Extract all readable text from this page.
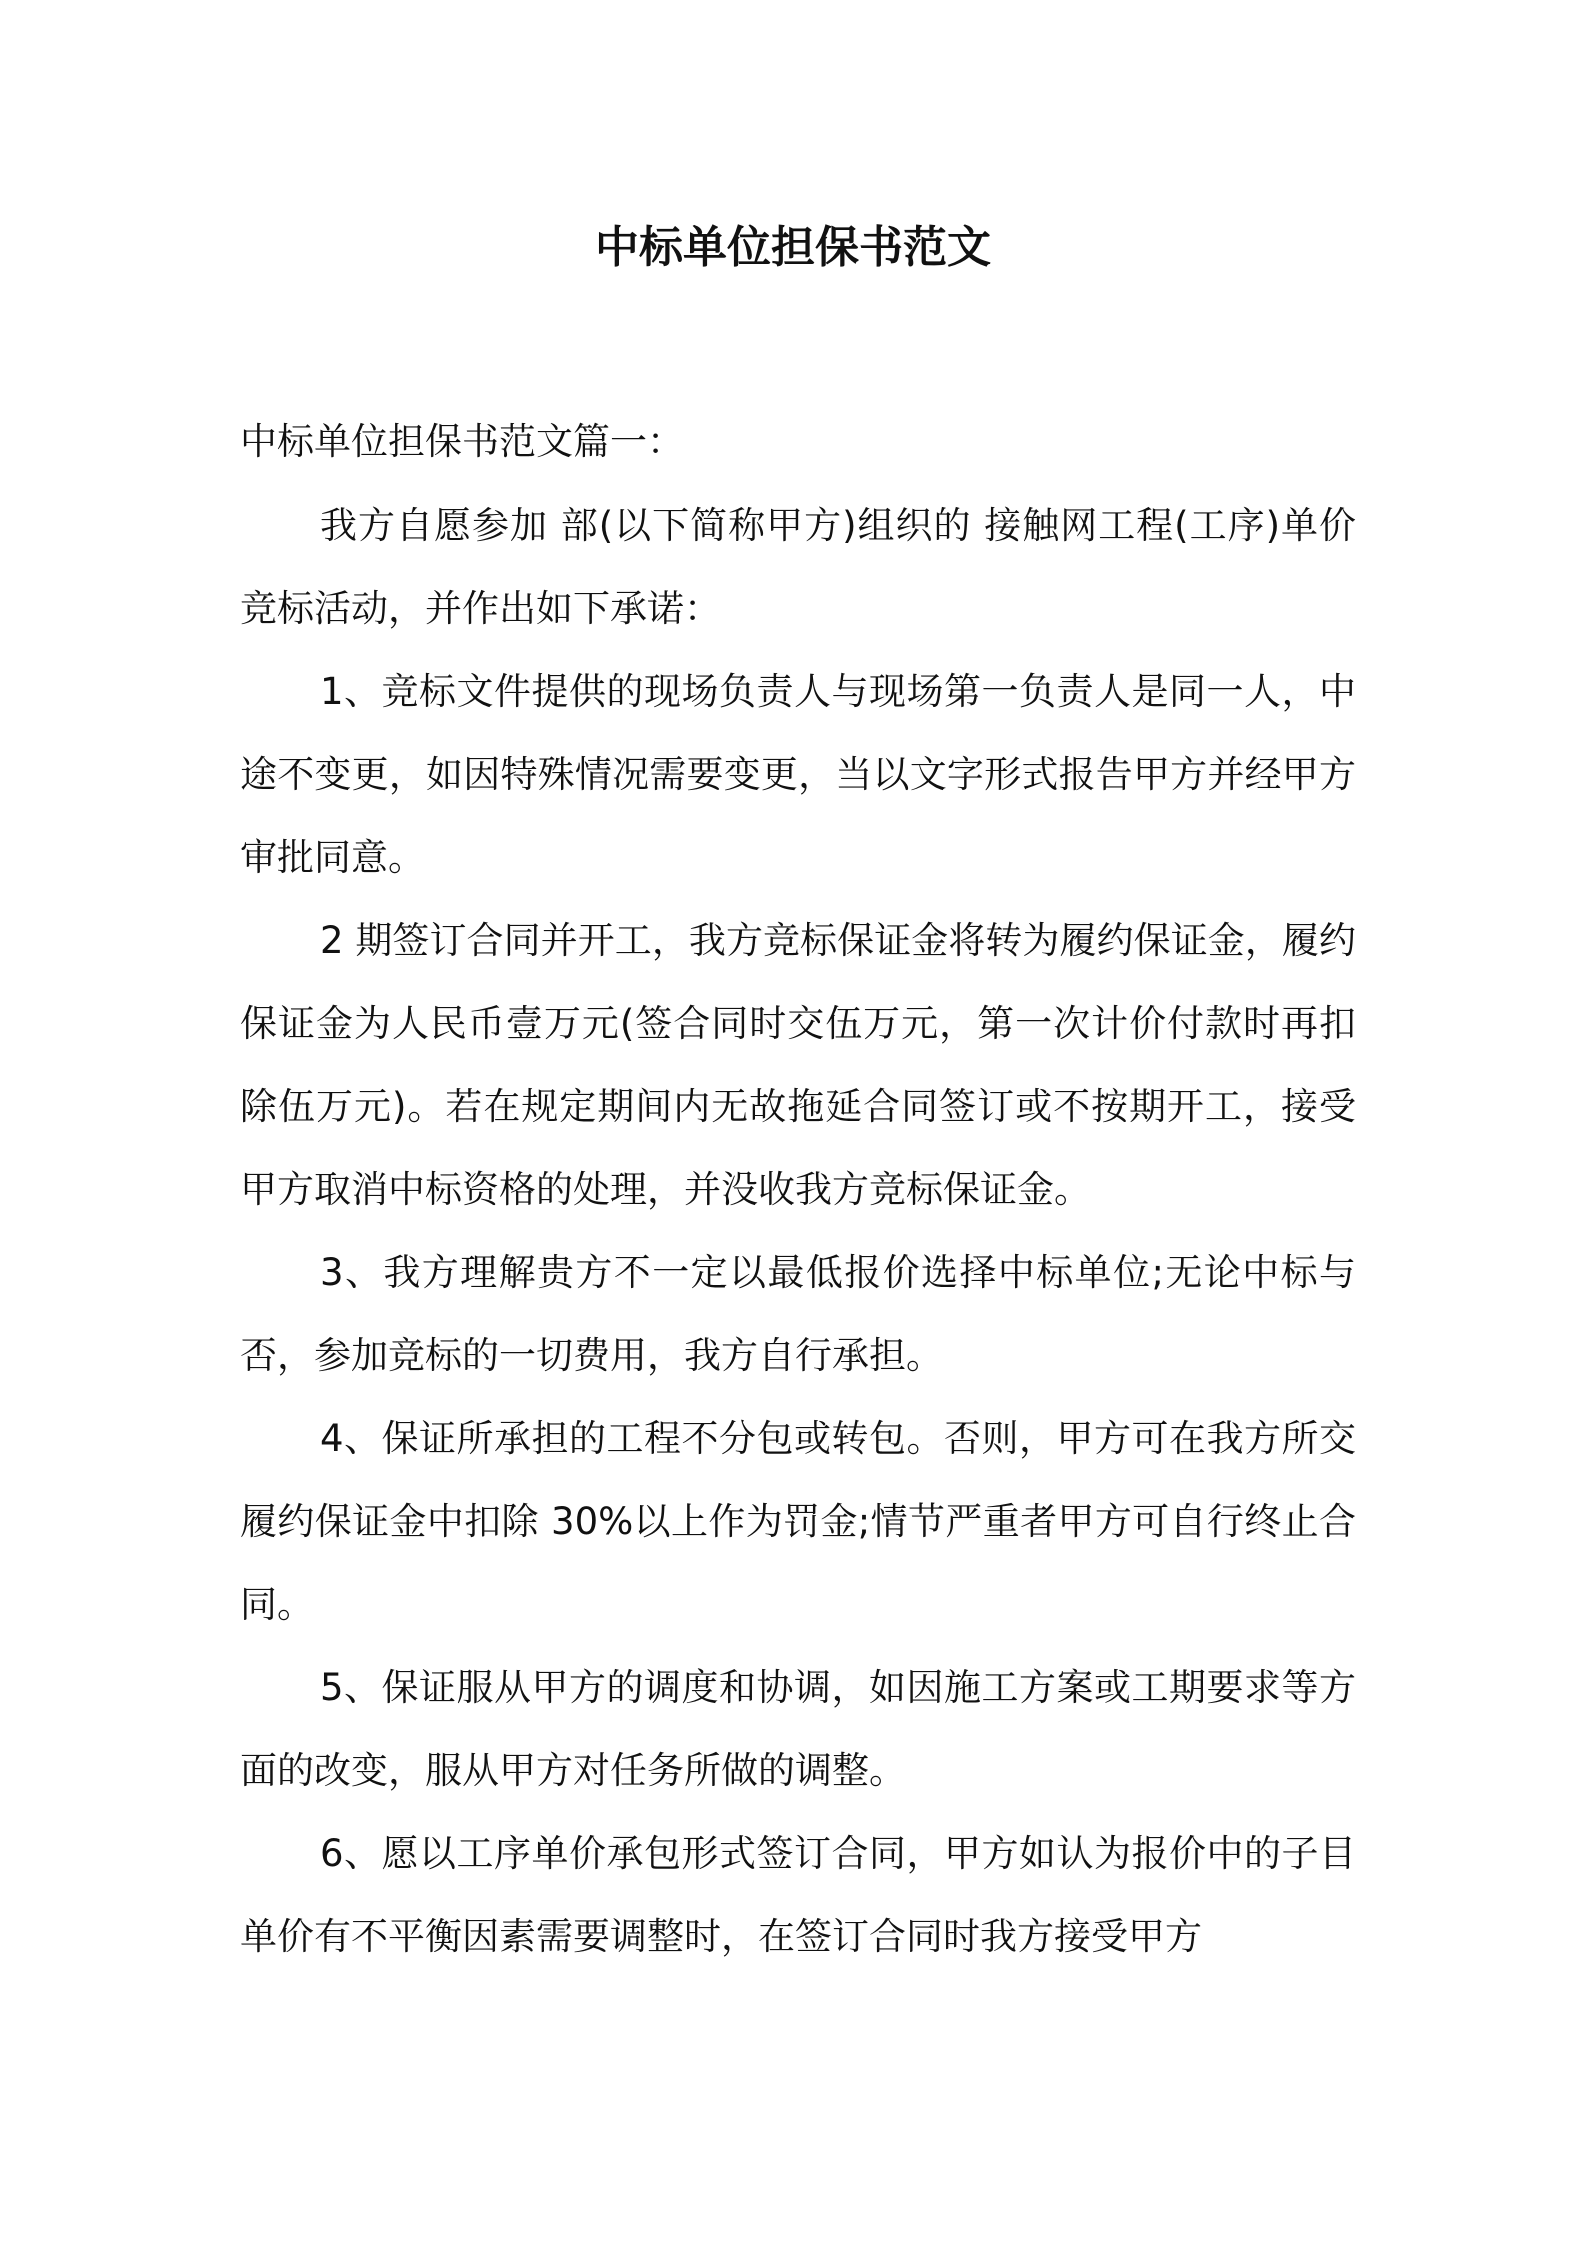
中标单位担保书范文

中标单位担保书范文篇一：

我方自愿参加 部(以下简称甲方)组织的 接触网工程(工序)单价竞标活动，并作出如下承诺：

1、竞标文件提供的现场负责人与现场第一负责人是同一人，中途不变更，如因特殊情况需要变更，当以文字形式报告甲方并经甲方审批同意。

2 期签订合同并开工，我方竞标保证金将转为履约保证金，履约保证金为人民币壹万元(签合同时交伍万元，第一次计价付款时再扣除伍万元)。若在规定期间内无故拖延合同签订或不按期开工，接受甲方取消中标资格的处理，并没收我方竞标保证金。

3、我方理解贵方不一定以最低报价选择中标单位;无论中标与否，参加竞标的一切费用，我方自行承担。

4、保证所承担的工程不分包或转包。否则，甲方可在我方所交履约保证金中扣除 30%以上作为罚金;情节严重者甲方可自行终止合同。

5、保证服从甲方的调度和协调，如因施工方案或工期要求等方面的改变，服从甲方对任务所做的调整。

6、愿以工序单价承包形式签订合同，甲方如认为报价中的子目单价有不平衡因素需要调整时，在签订合同时我方接受甲方
